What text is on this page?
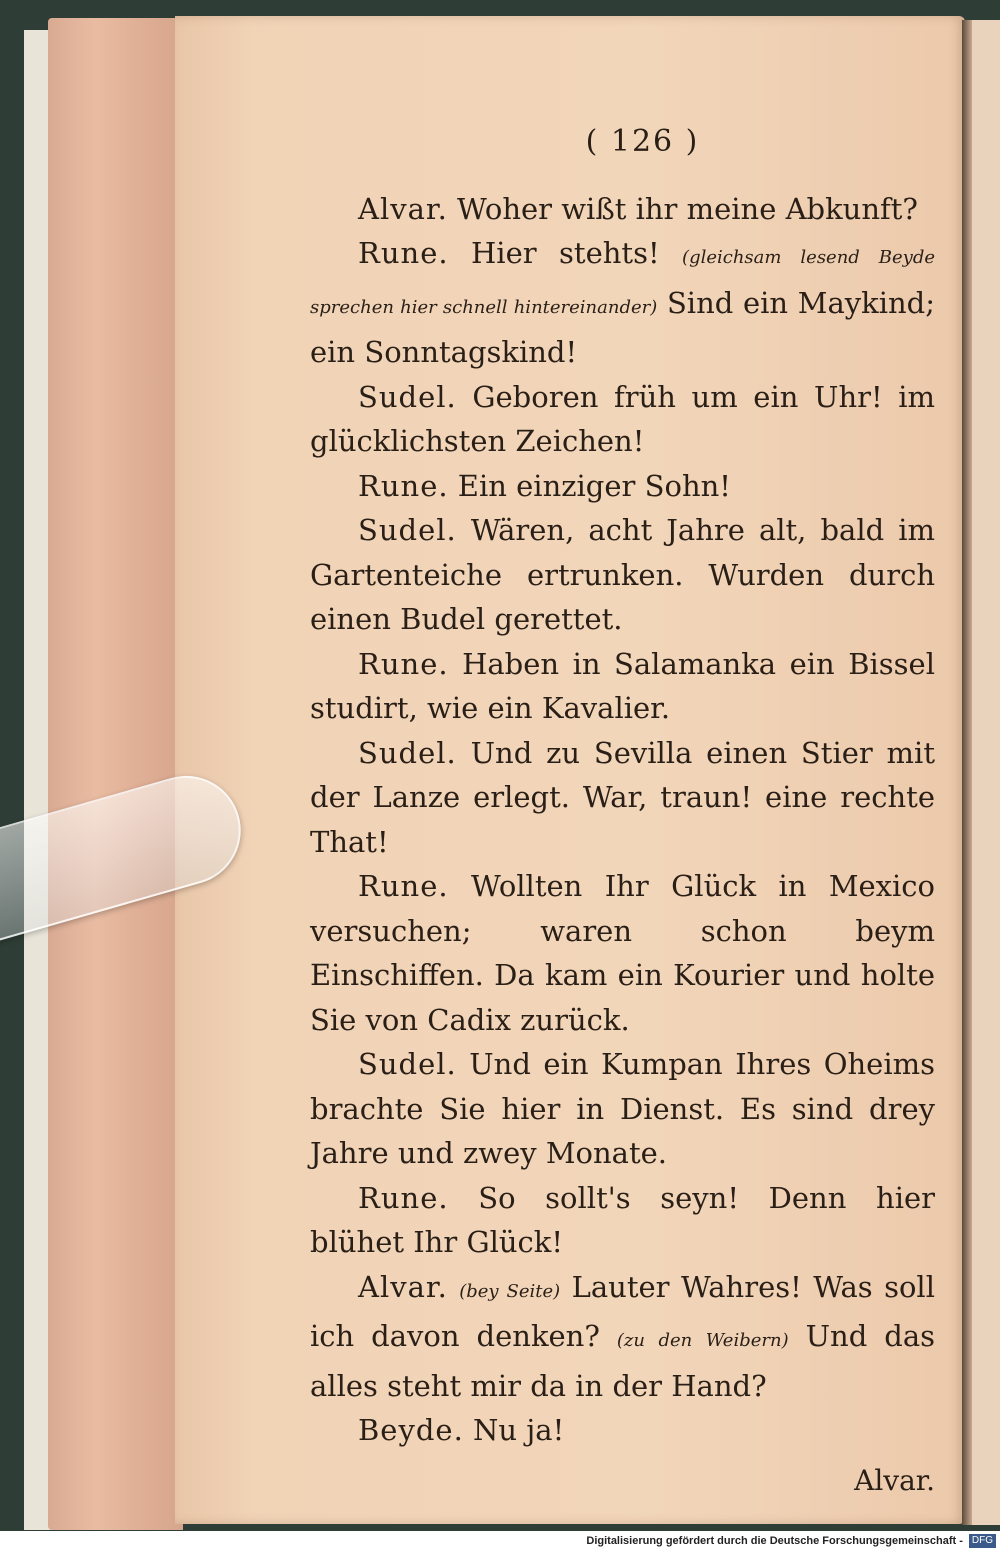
( 126 )

Alvar. Woher wißt ihr meine Abkunft?

Rune. Hier stehts! (gleichsam lesend Beyde sprechen hier schnell hintereinander) Sind ein Maykind; ein Sonntagskind!

Sudel. Geboren früh um ein Uhr! im glücklichsten Zeichen!

Rune. Ein einziger Sohn!

Sudel. Wären, acht Jahre alt, bald im Gartenteiche ertrunken. Wurden durch einen Budel gerettet.

Rune. Haben in Salamanka ein Bissel studirt, wie ein Kavalier.

Sudel. Und zu Sevilla einen Stier mit der Lanze erlegt. War, traun! eine rechte That!

Rune. Wollten Ihr Glück in Mexico versuchen; waren schon beym Einschiffen. Da kam ein Kourier und holte Sie von Cadix zurück.

Sudel. Und ein Kumpan Ihres Oheims brachte Sie hier in Dienst. Es sind drey Jahre und zwey Monate.

Rune. So sollt's seyn! Denn hier blühet Ihr Glück!

Alvar. (bey Seite) Lauter Wahres! Was soll ich davon denken? (zu den Weibern) Und das alles steht mir da in der Hand?

Beyde. Nu ja!

Alvar.
Digitalisierung gefördert durch die Deutsche Forschungsgemeinschaft - DFG
